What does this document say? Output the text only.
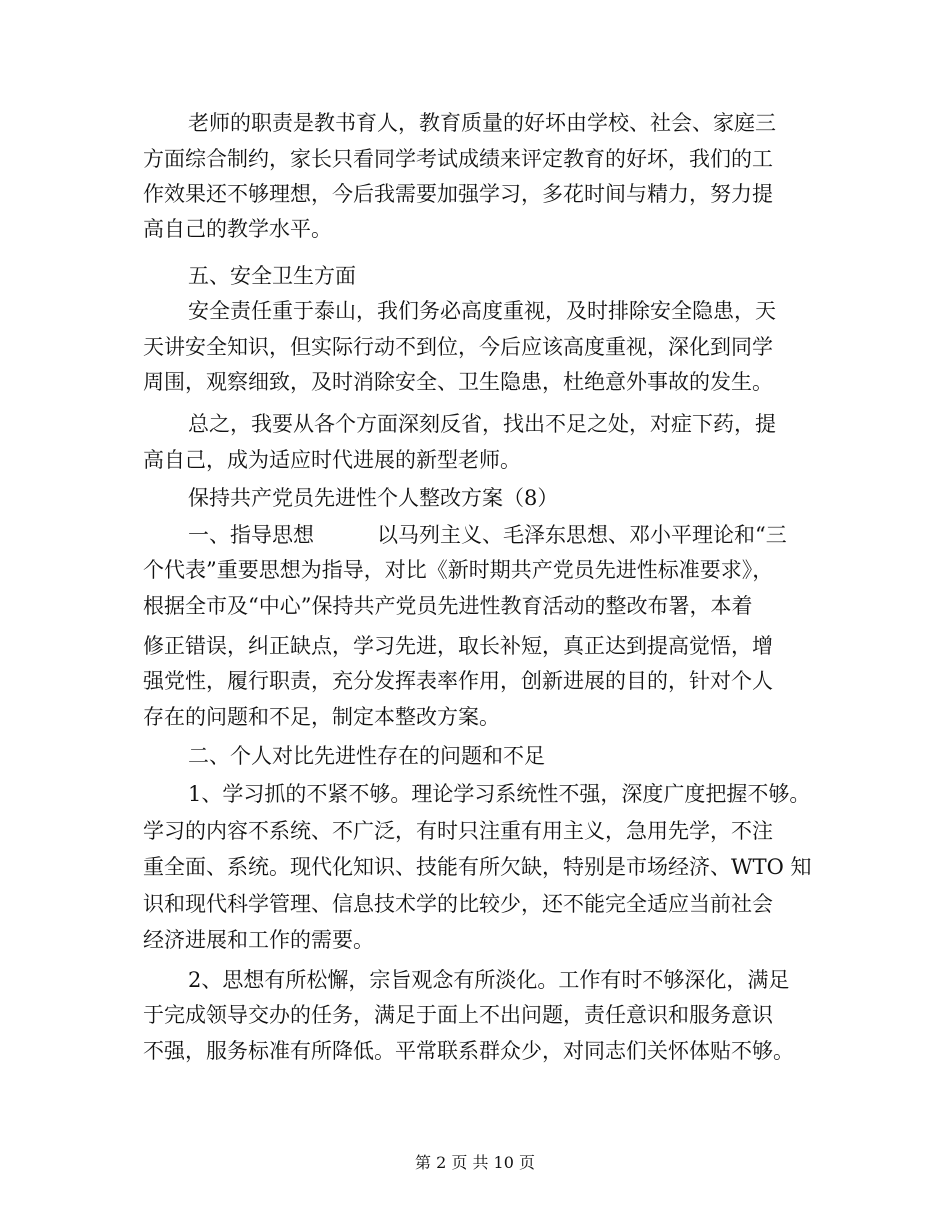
老师的职责是教书育人，教育质量的好坏由学校、社会、家庭三
方面综合制约，家长只看同学考试成绩来评定教育的好坏，我们的工
作效果还不够理想，今后我需要加强学习，多花时间与精力，努力提
高自己的教学水平。
五、安全卫生方面
安全责任重于泰山，我们务必高度重视，及时排除安全隐患，天
天讲安全知识，但实际行动不到位，今后应该高度重视，深化到同学
周围，观察细致，及时消除安全、卫生隐患，杜绝意外事故的发生。
总之，我要从各个方面深刻反省，找出不足之处，对症下药，提
高自己，成为适应时代进展的新型老师。
保持共产党员先进性个人整改方案（8）
一、指导思想　　　以马列主义、毛泽东思想、邓小平理论和“三
个代表”重要思想为指导，对比《新时期共产党员先进性标准要求》，
根据全市及“中心”保持共产党员先进性教育活动的整改布署，本着
修正错误，纠正缺点，学习先进，取长补短，真正达到提高觉悟，增
强党性，履行职责，充分发挥表率作用，创新进展的目的，针对个人
存在的问题和不足，制定本整改方案。
二、个人对比先进性存在的问题和不足
1、学习抓的不紧不够。理论学习系统性不强，深度广度把握不够。
学习的内容不系统、不广泛，有时只注重有用主义，急用先学，不注
重全面、系统。现代化知识、技能有所欠缺，特别是市场经济、WTO 知
识和现代科学管理、信息技术学的比较少，还不能完全适应当前社会
经济进展和工作的需要。
2、思想有所松懈，宗旨观念有所淡化。工作有时不够深化，满足
于完成领导交办的任务，满足于面上不出问题，责任意识和服务意识
不强，服务标准有所降低。平常联系群众少，对同志们关怀体贴不够。
第 2 页 共 10 页
